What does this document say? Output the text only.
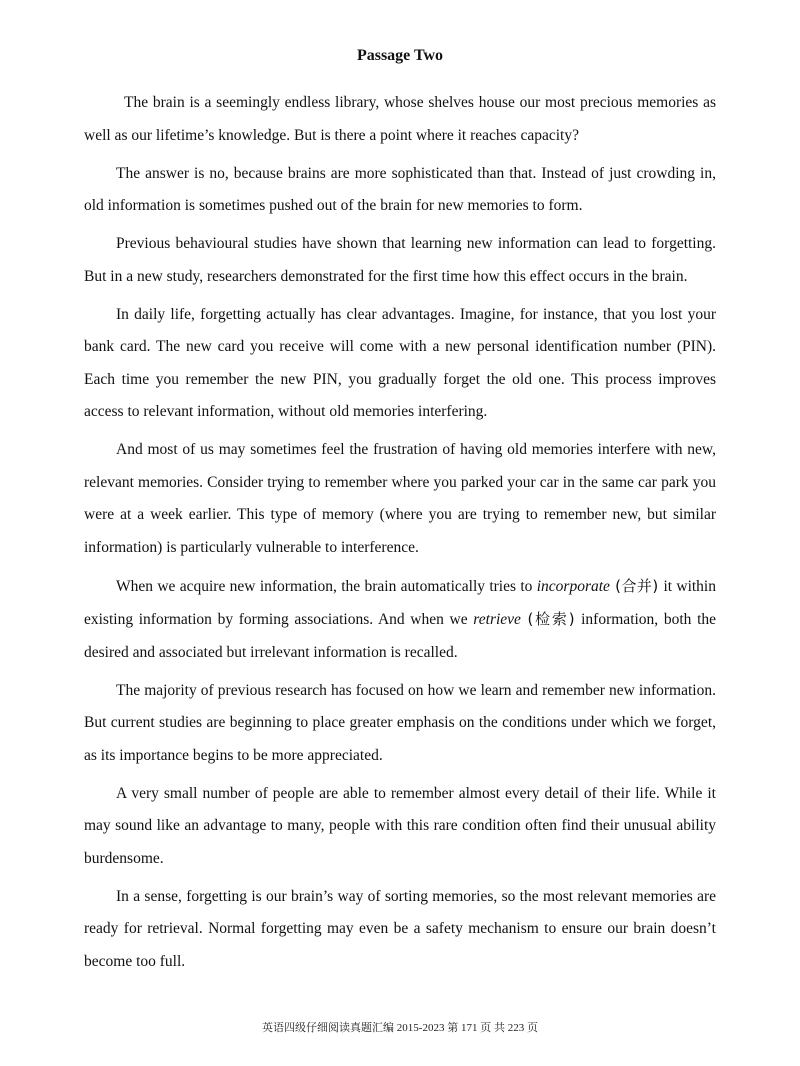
Passage Two

The brain is a seemingly endless library, whose shelves house our most precious memories as well as our lifetime’s knowledge. But is there a point where it reaches capacity?

The answer is no, because brains are more sophisticated than that. Instead of just crowding in, old information is sometimes pushed out of the brain for new memories to form.

Previous behavioural studies have shown that learning new information can lead to forgetting. But in a new study, researchers demonstrated for the first time how this effect occurs in the brain.

In daily life, forgetting actually has clear advantages. Imagine, for instance, that you lost your bank card. The new card you receive will come with a new personal identification number (PIN). Each time you remember the new PIN, you gradually forget the old one. This process improves access to relevant information, without old memories interfering.

And most of us may sometimes feel the frustration of having old memories interfere with new, relevant memories. Consider trying to remember where you parked your car in the same car park you were at a week earlier. This type of memory (where you are trying to remember new, but similar information) is particularly vulnerable to interference.

When we acquire new information, the brain automatically tries to incorporate (合并) it within existing information by forming associations. And when we retrieve (检索) information, both the desired and associated but irrelevant information is recalled.

The majority of previous research has focused on how we learn and remember new information. But current studies are beginning to place greater emphasis on the conditions under which we forget, as its importance begins to be more appreciated.

A very small number of people are able to remember almost every detail of their life. While it may sound like an advantage to many, people with this rare condition often find their unusual ability burdensome.

In a sense, forgetting is our brain’s way of sorting memories, so the most relevant memories are ready for retrieval. Normal forgetting may even be a safety mechanism to ensure our brain doesn’t become too full.

英语四级仔细阅读真题汇编 2015-2023 第 171 页 共 223 页
